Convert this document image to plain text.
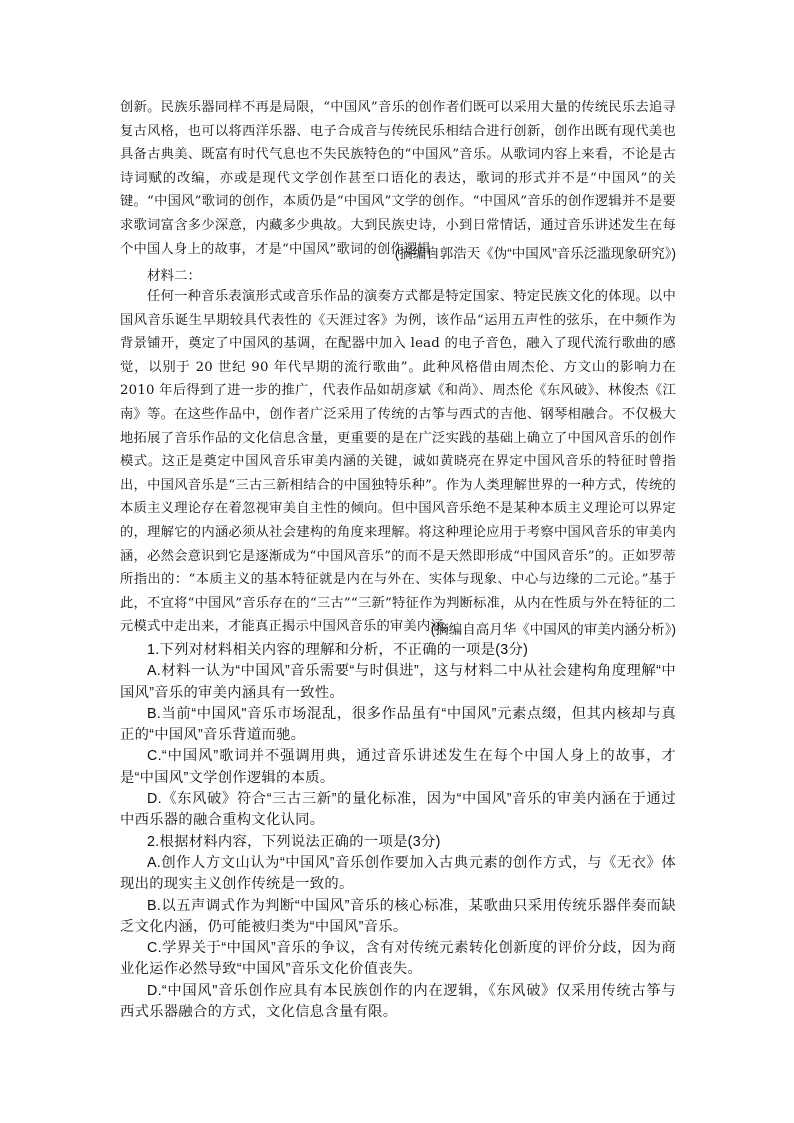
创新。民族乐器同样不再是局限，“中国风”音乐的创作者们既可以采用大量的传统民乐去追寻复古风格，也可以将西洋乐器、电子合成音与传统民乐相结合进行创新，创作出既有现代美也具备古典美、既富有时代气息也不失民族特色的“中国风”音乐。从歌词内容上来看，不论是古诗词赋的改编，亦或是现代文学创作甚至口语化的表达，歌词的形式并不是“中国风”的关键。“中国风”歌词的创作，本质仍是“中国风”文学的创作。“中国风”音乐的创作逻辑并不是要求歌词富含多少深意，内藏多少典故。大到民族史诗，小到日常情话，通过音乐讲述发生在每个中国人身上的故事，才是“中国风”歌词的创作逻辑。

(摘编自郭浩天《伪“中国风”音乐泛滥现象研究》)
材料二：

任何一种音乐表演形式或音乐作品的演奏方式都是特定国家、特定民族文化的体现。以中国风音乐诞生早期较具代表性的《天涯过客》为例，该作品“运用五声性的弦乐，在中频作为背景铺开，奠定了中国风的基调，在配器中加入 lead 的电子音色，融入了现代流行歌曲的感觉，以别于 20 世纪 90 年代早期的流行歌曲”。此种风格借由周杰伦、方文山的影响力在 2010 年后得到了进一步的推广，代表作品如胡彦斌《和尚》、周杰伦《东风破》、林俊杰《江南》等。在这些作品中，创作者广泛采用了传统的古筝与西式的吉他、钢琴相融合。不仅极大地拓展了音乐作品的文化信息含量，更重要的是在广泛实践的基础上确立了中国风音乐的创作模式。这正是奠定中国风音乐审美内涵的关键，诚如黄晓亮在界定中国风音乐的特征时曾指出，中国风音乐是“三古三新相结合的中国独特乐种”。作为人类理解世界的一种方式，传统的本质主义理论存在着忽视审美自主性的倾向。但中国风音乐绝不是某种本质主义理论可以界定的，理解它的内涵必须从社会建构的角度来理解。将这种理论应用于考察中国风音乐的审美内涵，必然会意识到它是逐渐成为“中国风音乐”的而不是天然即形成“中国风音乐”的。正如罗蒂所指出的：“本质主义的基本特征就是内在与外在、实体与现象、中心与边缘的二元论。”基于此，不宜将“中国风”音乐存在的“三古”“三新”特征作为判断标准，从内在性质与外在特征的二元模式中走出来，才能真正揭示中国风音乐的审美内涵。

(摘编自高月华《中国风的审美内涵分析》)

1.下列对材料相关内容的理解和分析，不正确的一项是(3分)

A.材料一认为“中国风”音乐需要“与时俱进”，这与材料二中从社会建构角度理解“中国风”音乐的审美内涵具有一致性。

B.当前“中国风"音乐市场混乱，很多作品虽有“中国风”元素点缀，但其内核却与真正的“中国风”音乐背道而驰。

C.“中国风”歌词并不强调用典，通过音乐讲述发生在每个中国人身上的故事，才是“中国风”文学创作逻辑的本质。

D.《东风破》符合“三古三新”的量化标准，因为“中国风”音乐的审美内涵在于通过中西乐器的融合重构文化认同。

2.根据材料内容，下列说法正确的一项是(3分)

A.创作人方文山认为“中国风”音乐创作要加入古典元素的创作方式，与《无衣》体现出的现实主义创作传统是一致的。

B.以五声调式作为判断“中国风”音乐的核心标准，某歌曲只采用传统乐器伴奏而缺乏文化内涵，仍可能被归类为“中国风”音乐。

C.学界关于“中国风”音乐的争议，含有对传统元素转化创新度的评价分歧，因为商业化运作必然导致“中国风”音乐文化价值丧失。

D.“中国风"音乐创作应具有本民族创作的内在逻辑，《东风破》仅采用传统古筝与西式乐器融合的方式，文化信息含量有限。
